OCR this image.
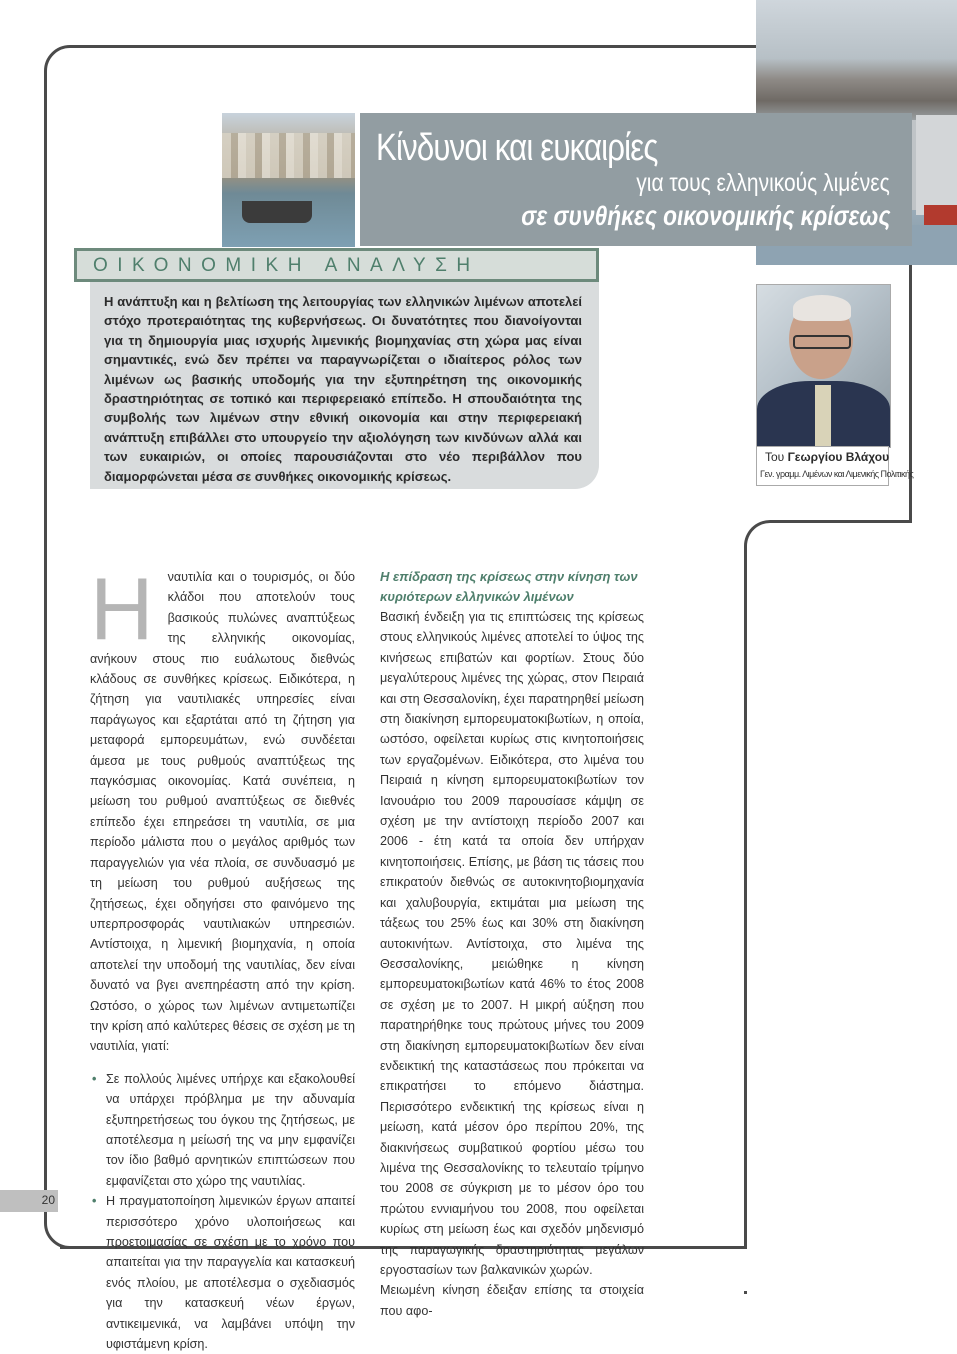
Κίνδυνοι και ευκαιρίες
για τους ελληνικούς λιμένες
σε συνθήκες οικονομικής κρίσεως
ΟΙΚΟΝΟΜΙΚΗ ΑΝΑΛΥΣΗ

Η ανάπτυξη και η βελτίωση της λειτουργίας των ελληνικών λιμένων αποτελεί στόχο προτεραιότητας της κυβερνήσεως. Οι δυνατότητες που διανοίγονται για τη δημιουργία μιας ισχυρής λιμενικής βιομηχανίας στη χώρα μας είναι σημαντικές, ενώ δεν πρέπει να παραγνωρίζεται ο ιδιαίτερος ρόλος των λιμένων ως βασικής υποδομής για την εξυπηρέτηση της οικονομικής δραστηριότητας σε τοπικό και περιφερειακό επίπεδο. Η σπουδαιότητα της συμβολής των λιμένων στην εθνική οικονομία και στην περιφερειακή ανάπτυξη επιβάλλει στο υπουργείο την αξιολόγηση των κινδύνων αλλά και των ευκαιριών, οι οποίες παρουσιάζονται στο νέο περιβάλλον που διαμορφώνεται μέσα σε συνθήκες οικονομικής κρίσεως.

Του Γεωργίου Βλάχου
Γεν. γραμμ. Λιμένων και Λιμενικής Πολιτικής
Η	ναυτιλία και ο τουρισμός, οι δύο κλάδοι που αποτελούν τους βασικούς πυλώνες αναπτύξεως της ελληνικής οικονομίας, ανήκουν στους πιο ευάλωτους διεθνώς κλάδους σε συνθήκες κρίσεως. Ειδικότερα, η ζήτηση για ναυτιλιακές υπηρεσίες είναι παράγωγος και εξαρτάται από τη ζήτηση για μεταφορά εμπορευμάτων, ενώ συνδέεται άμεσα με τους ρυθμούς αναπτύξεως της παγκόσμιας οικονομίας. Κατά συνέπεια, η μείωση του ρυθμού αναπτύξεως σε διεθνές επίπεδο έχει επηρεάσει τη ναυτιλία, σε μια περίοδο μάλιστα που ο μεγάλος αριθμός των παραγγελιών για νέα πλοία, σε συνδυασμό με τη μείωση του ρυθμού αυξήσεως της ζητήσεως, έχει οδηγήσει στο φαινόμενο της υπερπροσφοράς ναυτιλιακών υπηρεσιών. Αντίστοιχα, η λιμενική βιομηχανία, η οποία αποτελεί την υποδομή της ναυτιλίας, δεν είναι δυνατό να βγει ανεπηρέαστη από την κρίση. Ωστόσο, ο χώρος των λιμένων αντιμετωπίζει την κρίση από καλύτερες θέσεις σε σχέση με τη ναυτιλία, γιατί:

• Σε πολλούς λιμένες υπήρχε και εξακολουθεί να υπάρχει πρόβλημα με την αδυναμία εξυπηρετήσεως του όγκου της ζητήσεως, με αποτέλεσμα η μείωσή της να μην εμφανίζει τον ίδιο βαθμό αρνητικών επιπτώσεων που εμφανίζεται στο χώρο της ναυτιλίας.
• Η πραγματοποίηση λιμενικών έργων απαιτεί περισσότερο χρόνο υλοποιήσεως και προετοιμασίας σε σχέση με το χρόνο που απαιτείται για την παραγγελία και κατασκευή ενός πλοίου, με αποτέλεσμα ο σχεδιασμός για την κατασκευή νέων έργων, αντικειμενικά, να λαμβάνει υπόψη την υφιστάμενη κρίση.
Η επίδραση της κρίσεως στην κίνηση των κυριότερων ελληνικών λιμένων

Βασική ένδειξη για τις επιπτώσεις της κρίσεως στους ελληνικούς λιμένες αποτελεί το ύψος της κινήσεως επιβατών και φορτίων. Στους δύο μεγαλύτερους λιμένες της χώρας, στον Πειραιά και στη Θεσσαλονίκη, έχει παρατηρηθεί μείωση στη διακίνηση εμπορευματοκιβωτίων, η οποία, ωστόσο, οφείλεται κυρίως στις κινητοποιήσεις των εργαζομένων. Ειδικότερα, στο λιμένα του Πειραιά η κίνηση εμπορευματοκιβωτίων τον Ιανουάριο του 2009 παρουσίασε κάμψη σε σχέση με την αντίστοιχη περίοδο 2007 και 2006 - έτη κατά τα οποία δεν υπήρχαν κινητοποιήσεις. Επίσης, με βάση τις τάσεις που επικρατούν διεθνώς σε αυτοκινητοβιομηχανία και χαλυβουργία, εκτιμάται μια μείωση της τάξεως του 25% έως και 30% στη διακίνηση αυτοκινήτων. Αντίστοιχα, στο λιμένα της Θεσσαλονίκης, μειώθηκε η κίνηση εμπορευματοκιβωτίων κατά 46% το έτος 2008 σε σχέση με το 2007. Η μικρή αύξηση που παρατηρήθηκε τους πρώτους μήνες του 2009 στη διακίνηση εμπορευματοκιβωτίων δεν είναι ενδεικτική της καταστάσεως που πρόκειται να επικρατήσει το επόμενο διάστημα. Περισσότερο ενδεικτική της κρίσεως είναι η μείωση, κατά μέσον όρο περίπου 20%, της διακινήσεως συμβατικού φορτίου μέσω του λιμένα της Θεσσαλονίκης το τελευταίο τρίμηνο του 2008 σε σύγκριση με το μέσον όρο του πρώτου εννιαμήνου του 2008, που οφείλεται κυρίως στη μείωση έως και σχεδόν μηδενισμό της παραγωγικής δραστηριότητας μεγάλων εργοστασίων των βαλκανικών χωρών.

Μειωμένη κίνηση έδειξαν επίσης τα στοιχεία που αφο-

20
